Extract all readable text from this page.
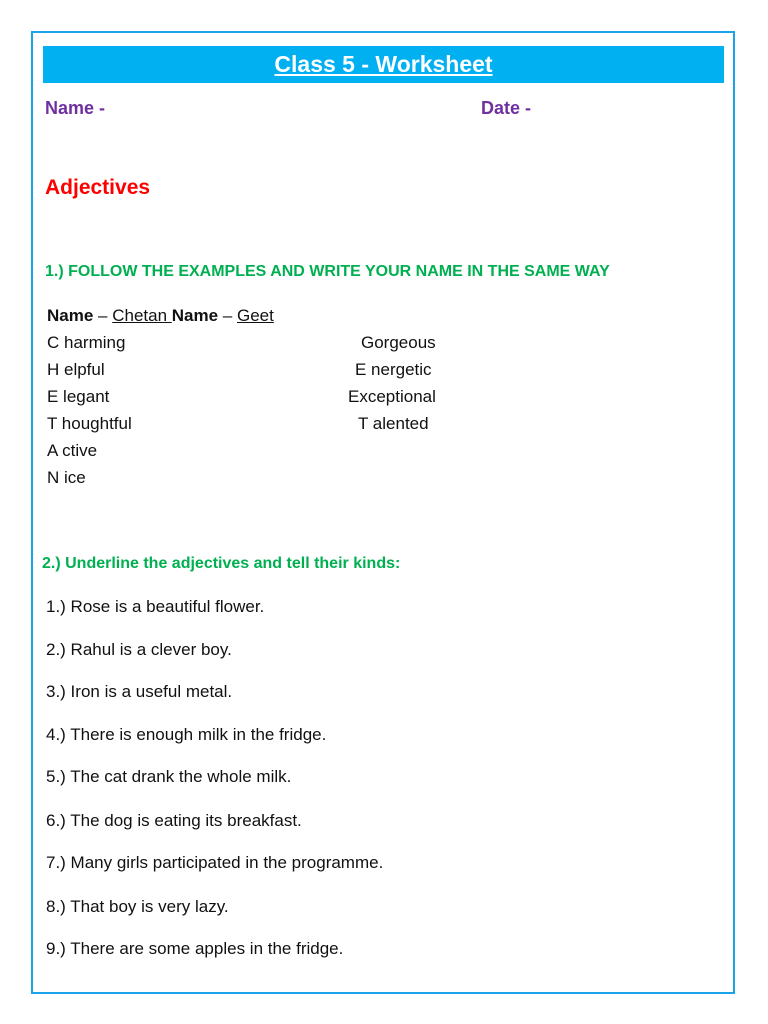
Class 5 - Worksheet
Name -	Date -
Adjectives
1.) FOLLOW THE EXAMPLES AND WRITE YOUR NAME IN THE SAME WAY
Name – Chetan Name – Geet
C harming
H elpful
E legant
T houghtful
A ctive
N ice
Gorgeous
E nergetic
Exceptional
T alented
2.) Underline the adjectives and tell their kinds:
1.) Rose is a beautiful flower.
2.) Rahul is a clever boy.
3.) Iron is a useful metal.
4.) There is enough milk in the fridge.
5.) The cat drank the whole milk.
6.) The dog is eating its breakfast.
7.) Many girls participated in the programme.
8.) That boy is very lazy.
9.) There are some apples in the fridge.
